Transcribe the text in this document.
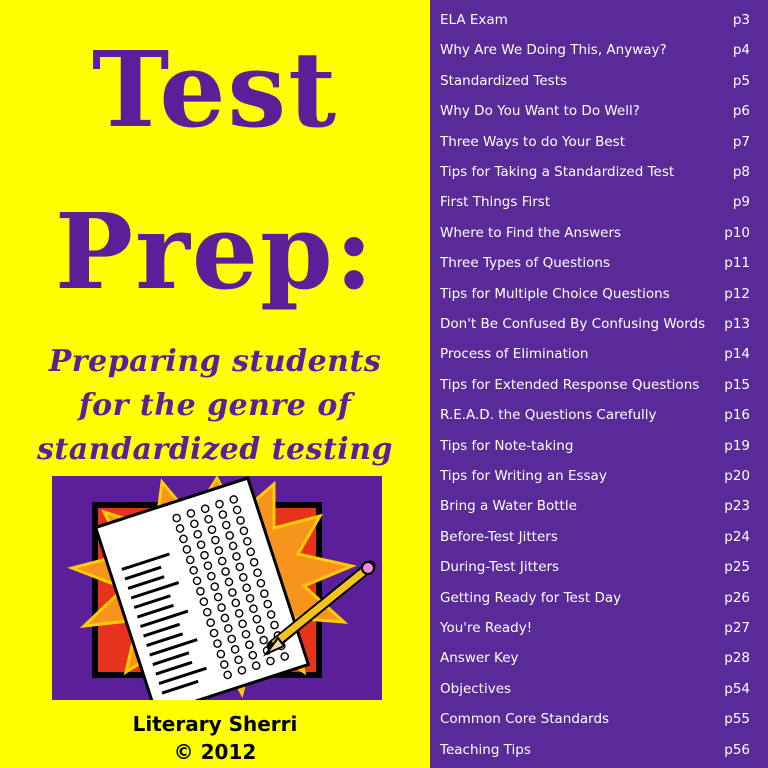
Test
Prep:
Preparing students
for the genre of
standardized testing
Literary Sherri
© 2012
ELA Exam	p3
Why Are We Doing This, Anyway?	p4
Standardized Tests	p5
Why Do You Want to Do Well?	p6
Three Ways to do Your Best	p7
Tips for Taking a Standardized Test	p8
First Things First	p9
Where to Find the Answers	p10
Three Types of Questions	p11
Tips for Multiple Choice Questions	p12
Don't Be Confused By Confusing Words p13
Process of Elimination	p14
Tips for Extended Response Questions p15
R.E.A.D. the Questions Carefully	p16
Tips for Note-taking	p19
Tips for Writing an Essay	p20
Bring a Water Bottle	p23
Before-Test Jitters	p24
During-Test Jitters	p25
Getting Ready for Test Day	p26
You're Ready!	p27
Answer Key	p28
Objectives	p54
Common Core Standards	p55
Teaching Tips	p56
